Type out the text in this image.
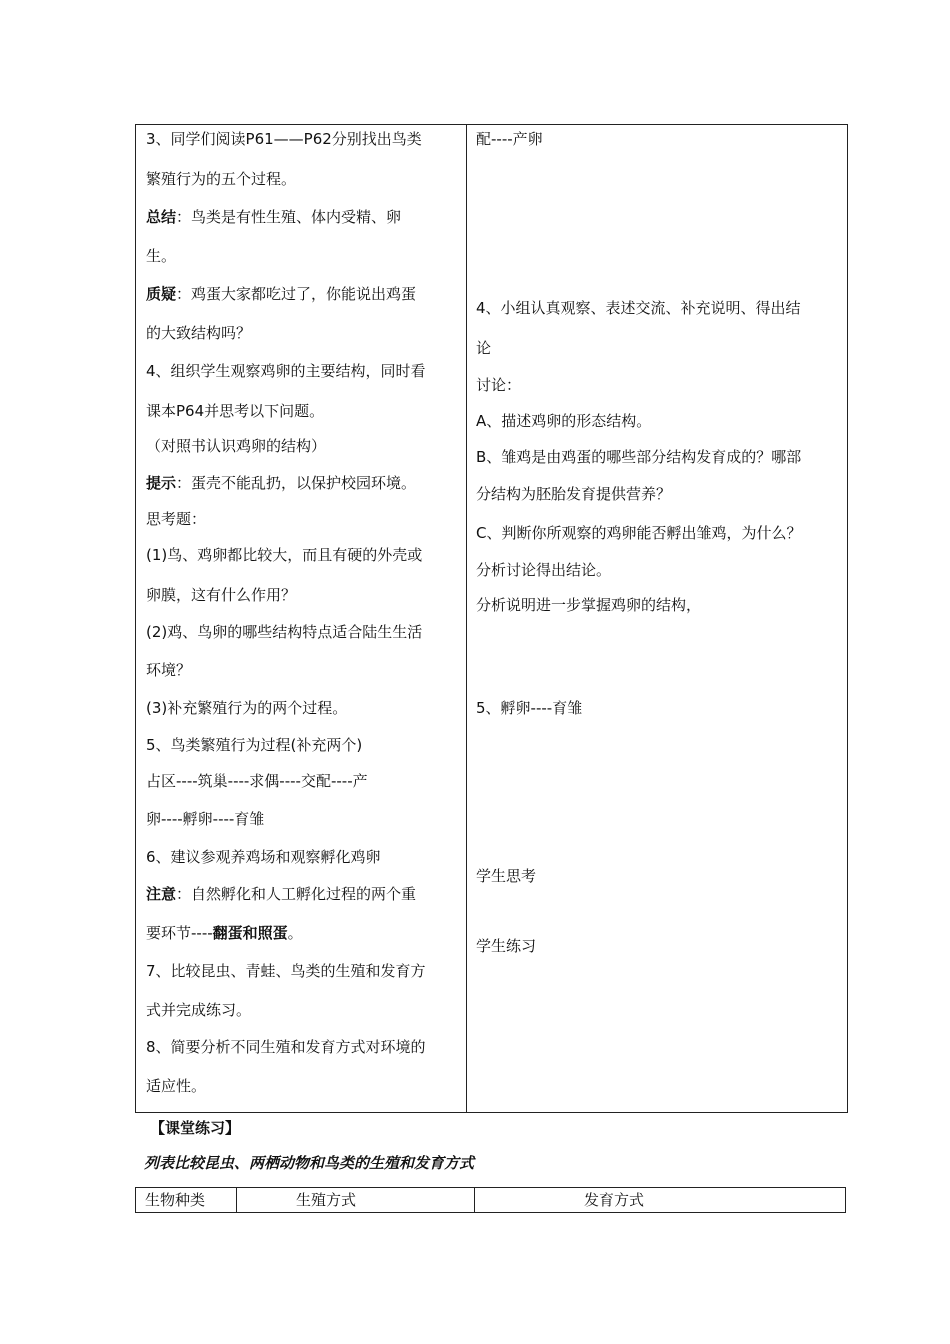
3、同学们阅读P61——P62分别找出鸟类
繁殖行为的五个过程。
总结：鸟类是有性生殖、体内受精、卵
生。
质疑：鸡蛋大家都吃过了，你能说出鸡蛋
的大致结构吗？
4、组织学生观察鸡卵的主要结构，同时看
课本P64并思考以下问题。
（对照书认识鸡卵的结构）
提示：蛋壳不能乱扔，以保护校园环境。
思考题：
(1)鸟、鸡卵都比较大，而且有硬的外壳或
卵膜，这有什么作用？
(2)鸡、鸟卵的哪些结构特点适合陆生生活
环境？
(3)补充繁殖行为的两个过程。
5、鸟类繁殖行为过程(补充两个)
占区----筑巢----求偶----交配----产
卵----孵卵----育雏
6、建议参观养鸡场和观察孵化鸡卵
注意：自然孵化和人工孵化过程的两个重
要环节----翻蛋和照蛋。
7、比较昆虫、青蛙、鸟类的生殖和发育方
式并完成练习。
8、简要分析不同生殖和发育方式对环境的
适应性。
配----产卵
4、小组认真观察、表述交流、补充说明、得出结
论
讨论：
A、描述鸡卵的形态结构。
B、雏鸡是由鸡蛋的哪些部分结构发育成的？哪部
分结构为胚胎发育提供营养？
C、判断你所观察的鸡卵能否孵出雏鸡，为什么？
分析讨论得出结论。
分析说明进一步掌握鸡卵的结构，
5、孵卵----育雏
学生思考
学生练习
【课堂练习】
列表比较昆虫、两栖动物和鸟类的生殖和发育方式
生物种类	生殖方式	发育方式
